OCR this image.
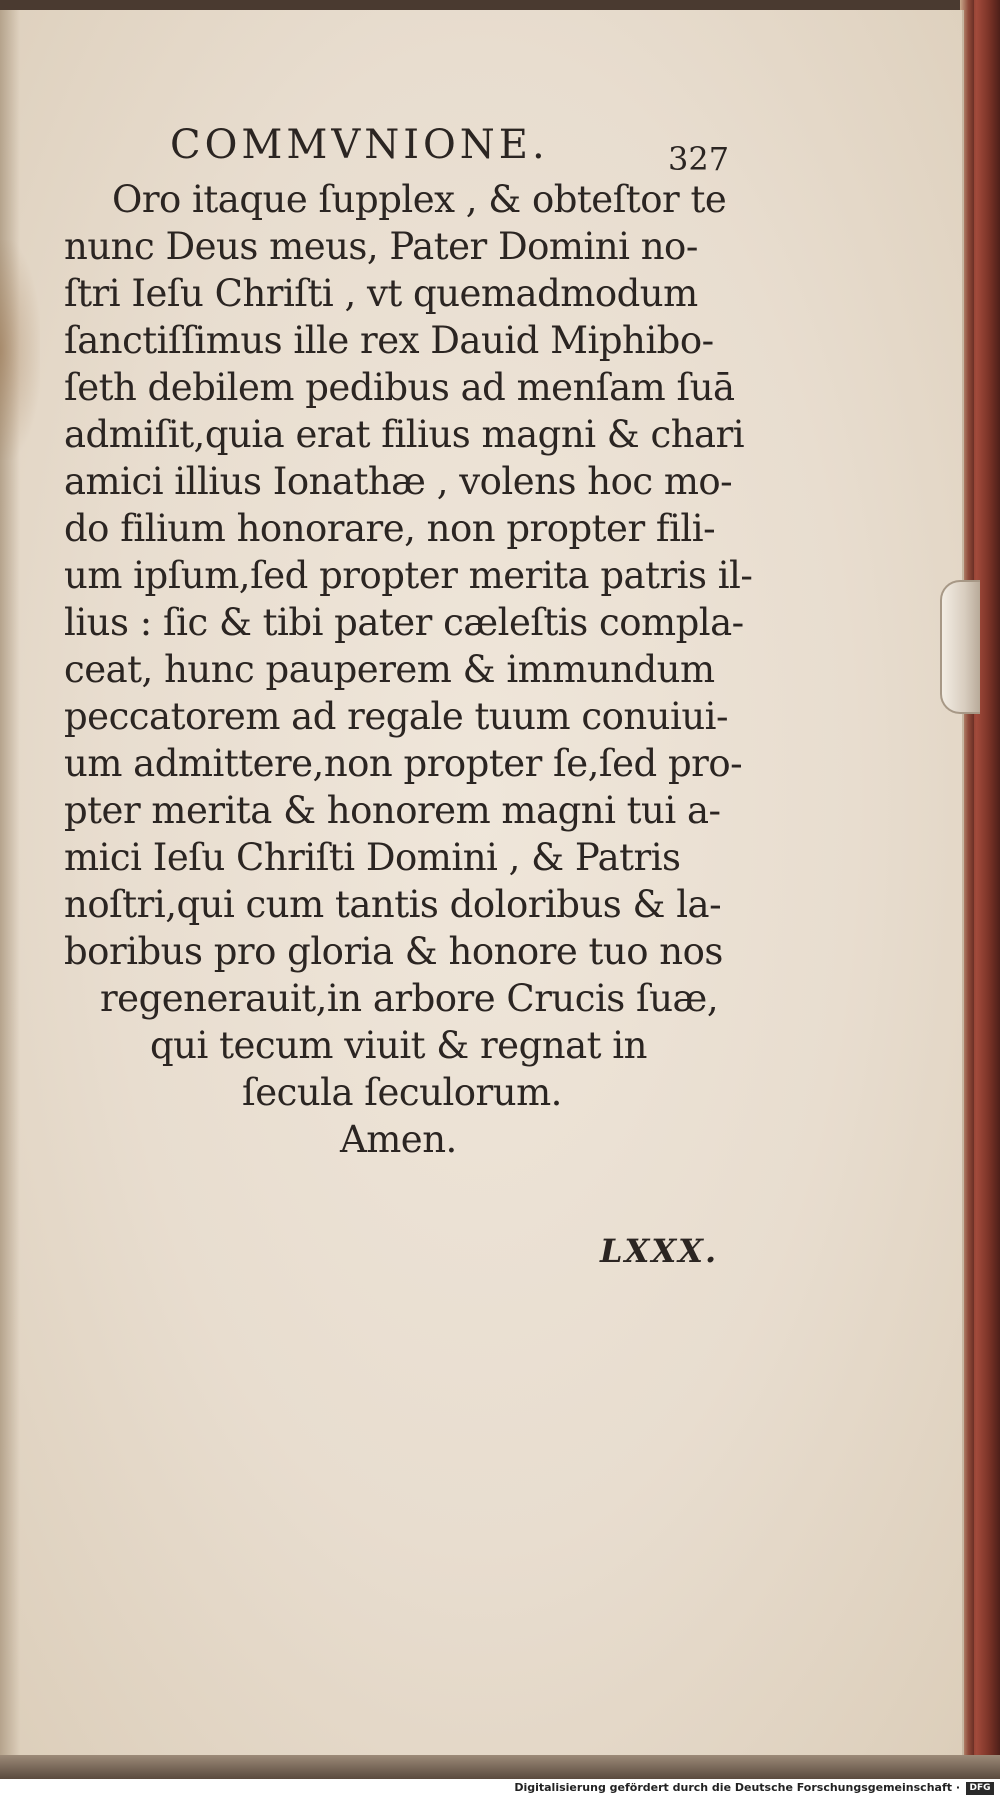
COMMVNIONE.	327
Oro itaque ſupplex , & obteſtor te
nunc Deus meus, Pater Domini no-
ſtri Ieſu Chriſti , vt quemadmodum
ſanctiſſimus ille rex Dauid Miphibo-
ſeth debilem pedibus ad menſam ſuā
admiſit,quia erat filius magni & chari
amici illius Ionathæ , volens hoc mo-
do filium honorare, non propter fili-
um ipſum,ſed propter merita patris il-
lius : ſic & tibi pater cæleſtis compla-
ceat, hunc pauperem & immundum
peccatorem ad regale tuum conuiui-
um admittere,non propter ſe,ſed pro-
pter merita & honorem magni tui a-
mici Ieſu Chriſti Domini , & Patris
noſtri,qui cum tantis doloribus & la-
boribus pro gloria & honore tuo nos
regenerauit,in arbore Crucis ſuæ,
qui tecum viuit & regnat in
ſecula ſeculorum.
Amen.
LXXX.
Digitalisierung gefördert durch die Deutsche Forschungsgemeinschaft ·	DFG
